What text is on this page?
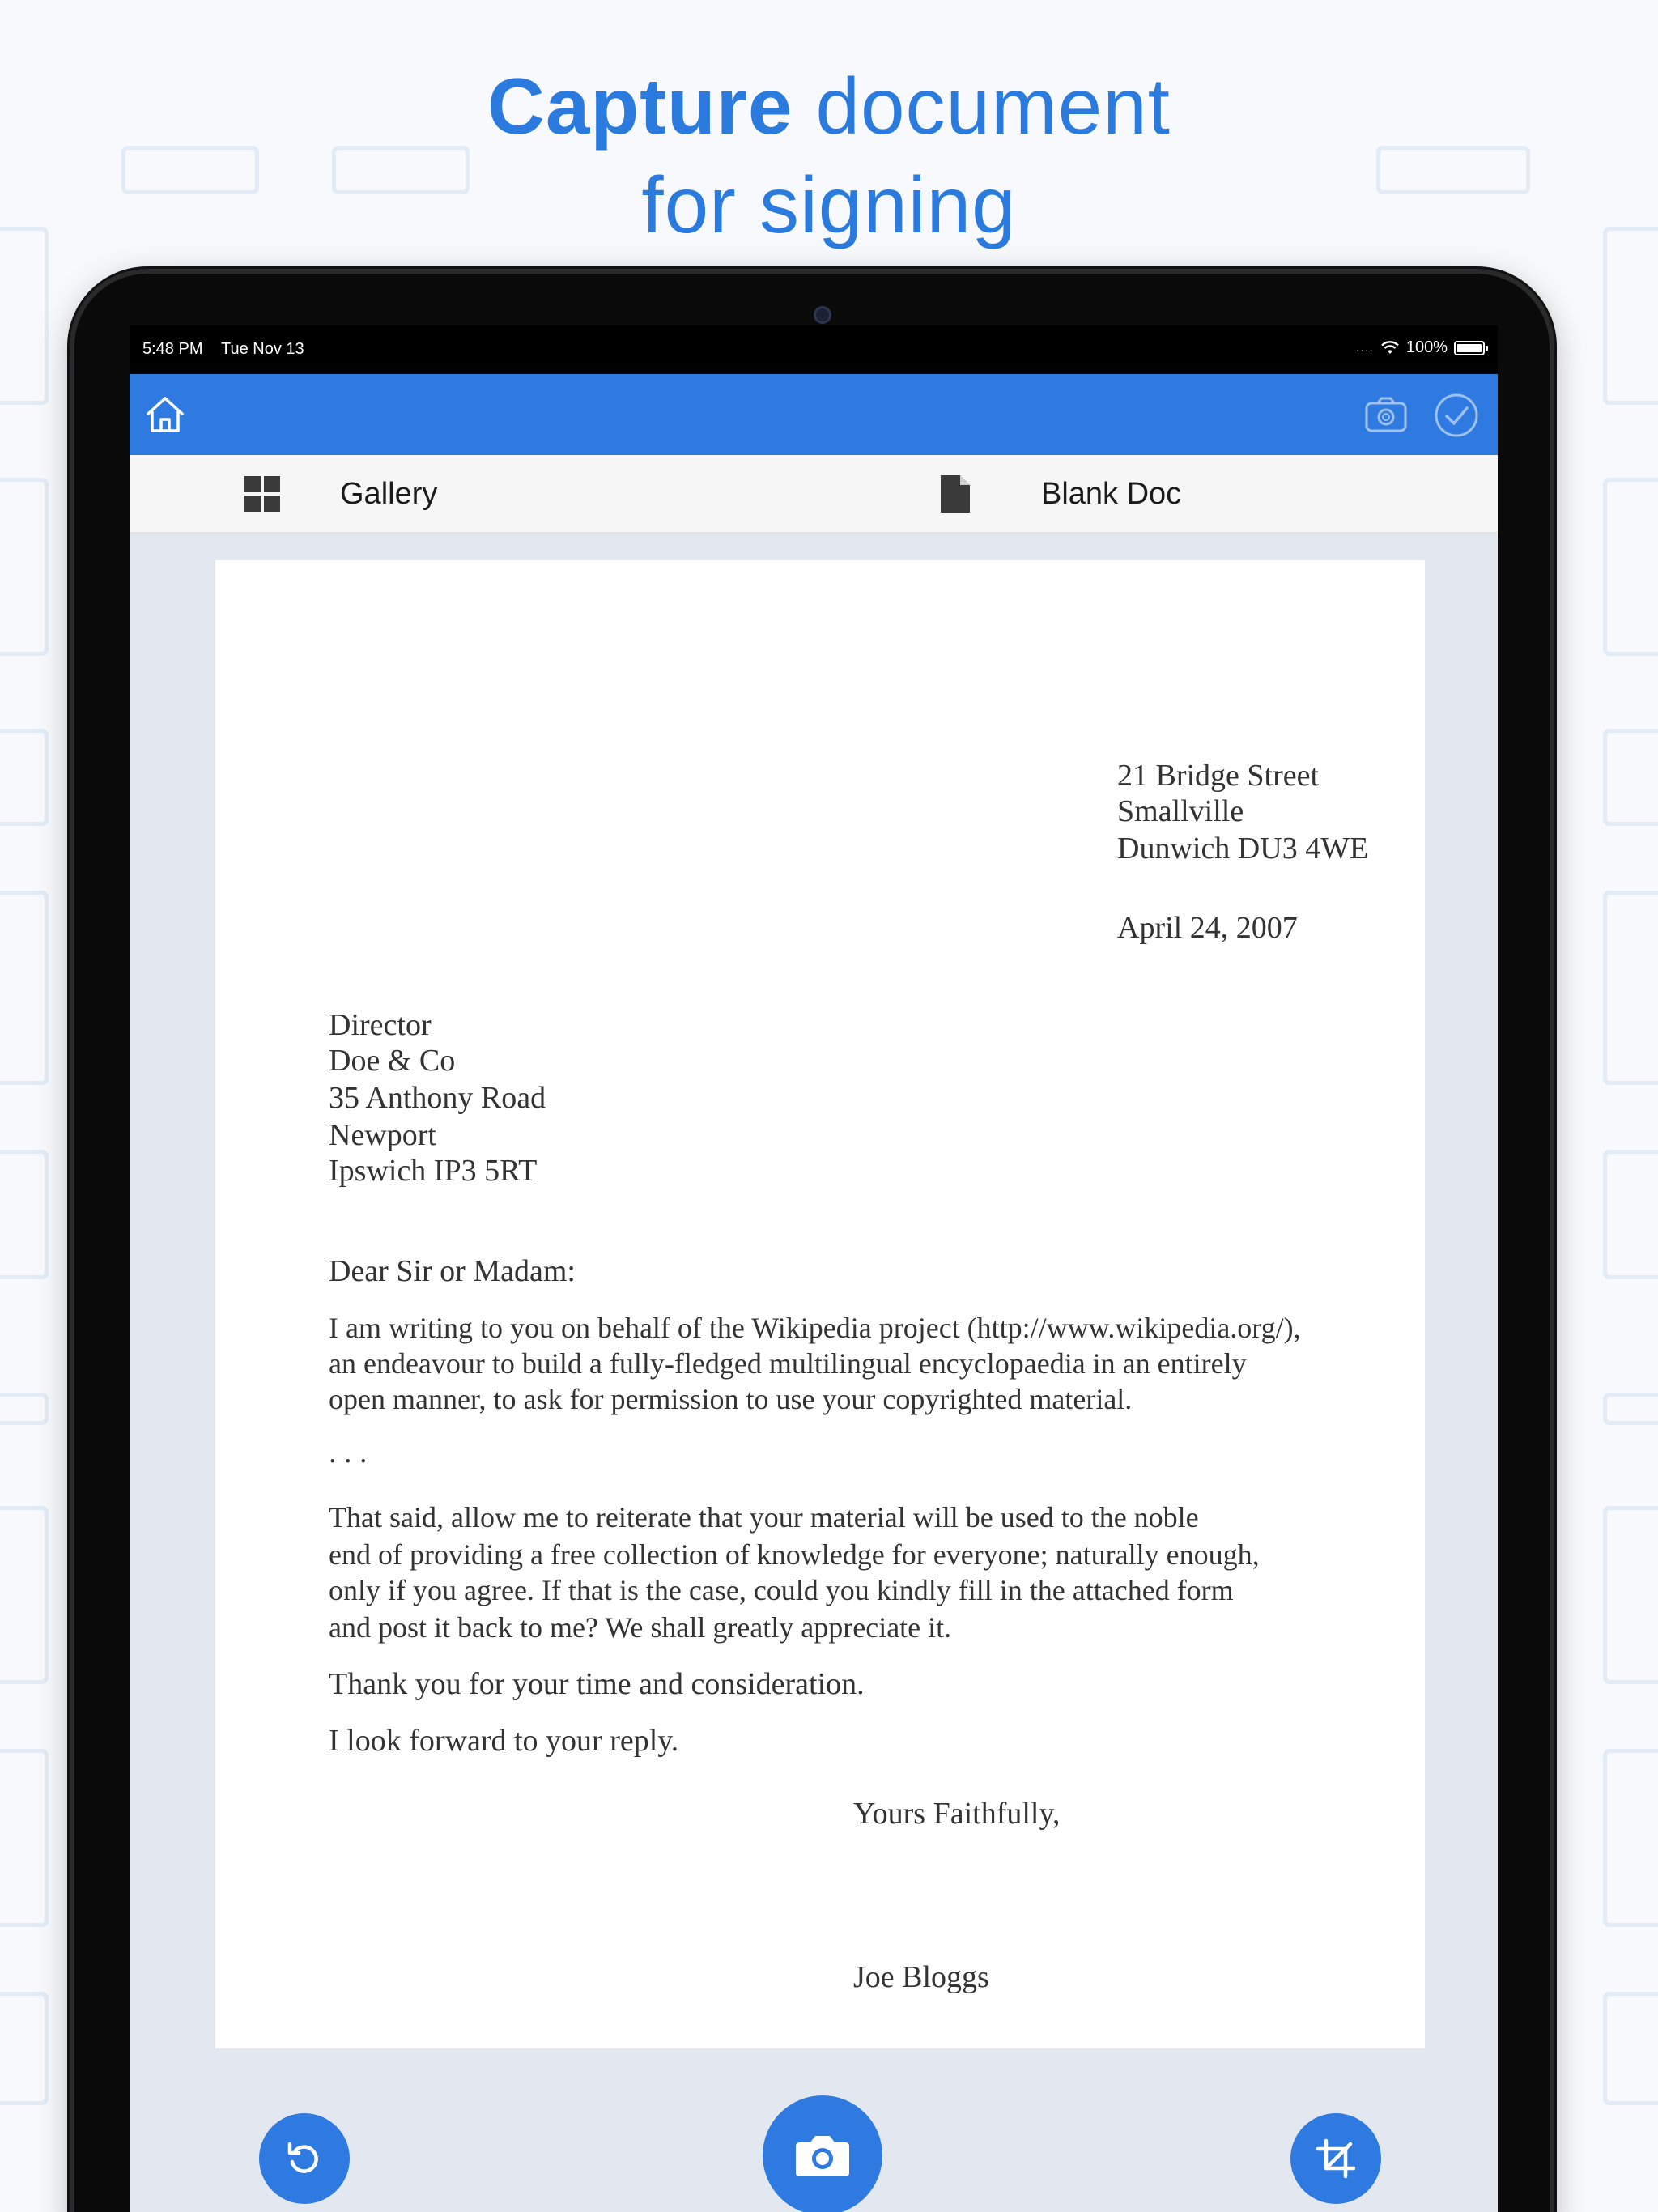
Capture document
for signing
5:48 PM Tue Nov 13	.... 100%
Gallery	Blank Doc
21 Bridge Street
Smallville
Dunwich DU3 4WE
April 24, 2007
Director
Doe & Co
35 Anthony Road
Newport
Ipswich IP3 5RT
Dear Sir or Madam:
I am writing to you on behalf of the Wikipedia project (http://www.wikipedia.org/),
an endeavour to build a fully-fledged multilingual encyclopaedia in an entirely
open manner, to ask for permission to use your copyrighted material.
. . .
That said, allow me to reiterate that your material will be used to the noble
end of providing a free collection of knowledge for everyone; naturally enough,
only if you agree. If that is the case, could you kindly fill in the attached form
and post it back to me? We shall greatly appreciate it.
Thank you for your time and consideration.
I look forward to your reply.
Yours Faithfully,
Joe Bloggs
